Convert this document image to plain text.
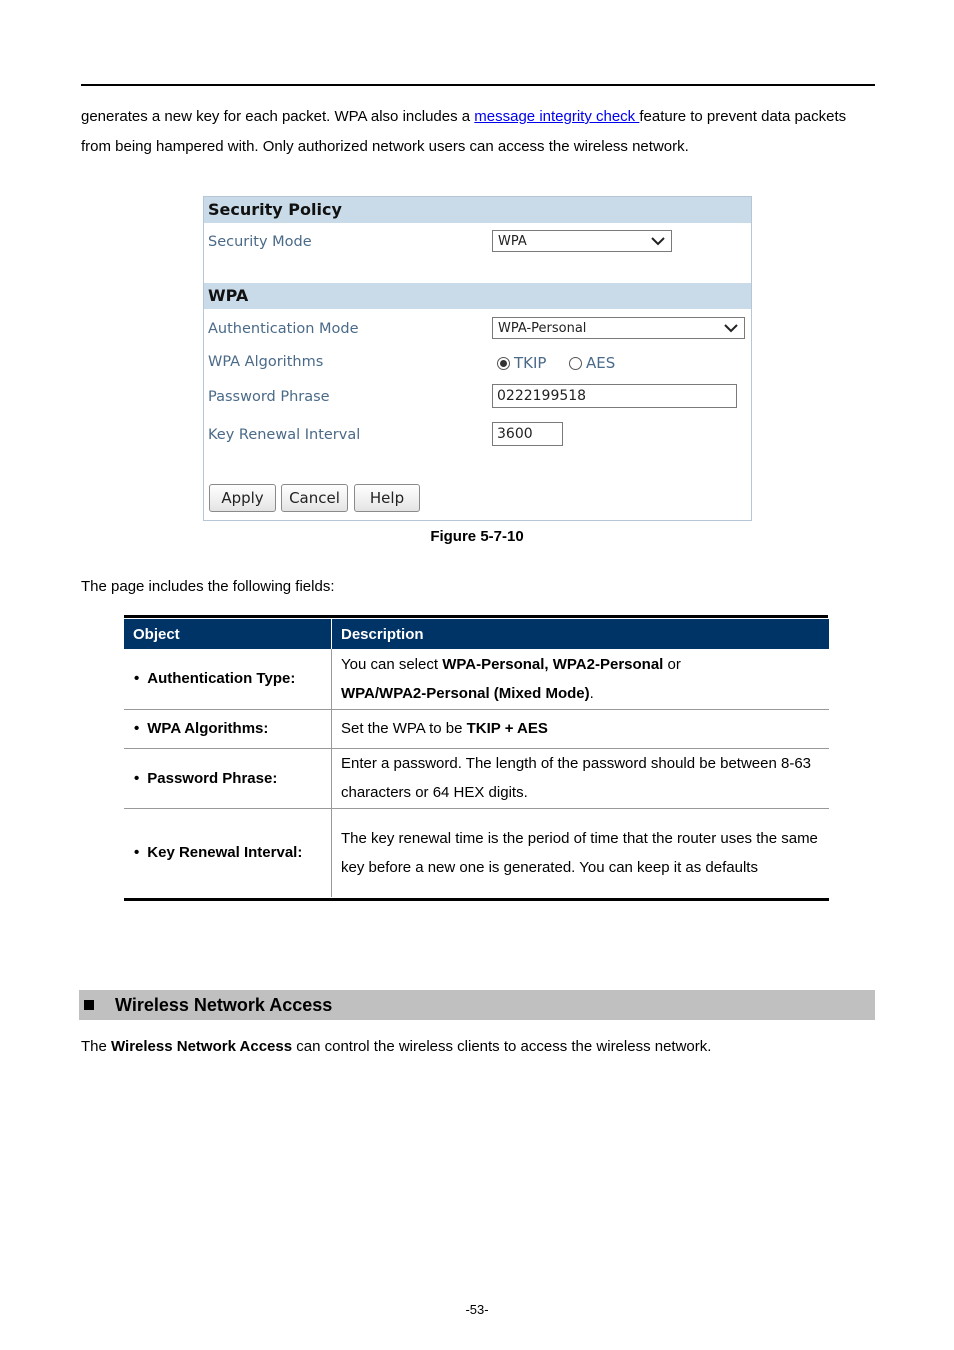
generates a new key for each packet. WPA also includes a message integrity check feature to prevent data packets from being hampered with. Only authorized network users can access the wireless network.
Security Policy
Security Mode	WPA
WPA
Authentication Mode	WPA-Personal
WPA Algorithms	TKIP	AES
Password Phrase	0222199518
Key Renewal Interval	3600
Apply	Cancel	Help
Figure 5-7-10
The page includes the following fields:
Object	Description
• Authentication Type:	You can select WPA-Personal, WPA2-Personal or
WPA/WPA2-Personal (Mixed Mode).
• WPA Algorithms:	Set the WPA to be TKIP + AES
• Password Phrase:	Enter a password. The length of the password should be between 8-63 characters or 64 HEX digits.
• Key Renewal Interval:	The key renewal time is the period of time that the router uses the same key before a new one is generated. You can keep it as defaults
Wireless Network Access
The Wireless Network Access can control the wireless clients to access the wireless network.
-53-
